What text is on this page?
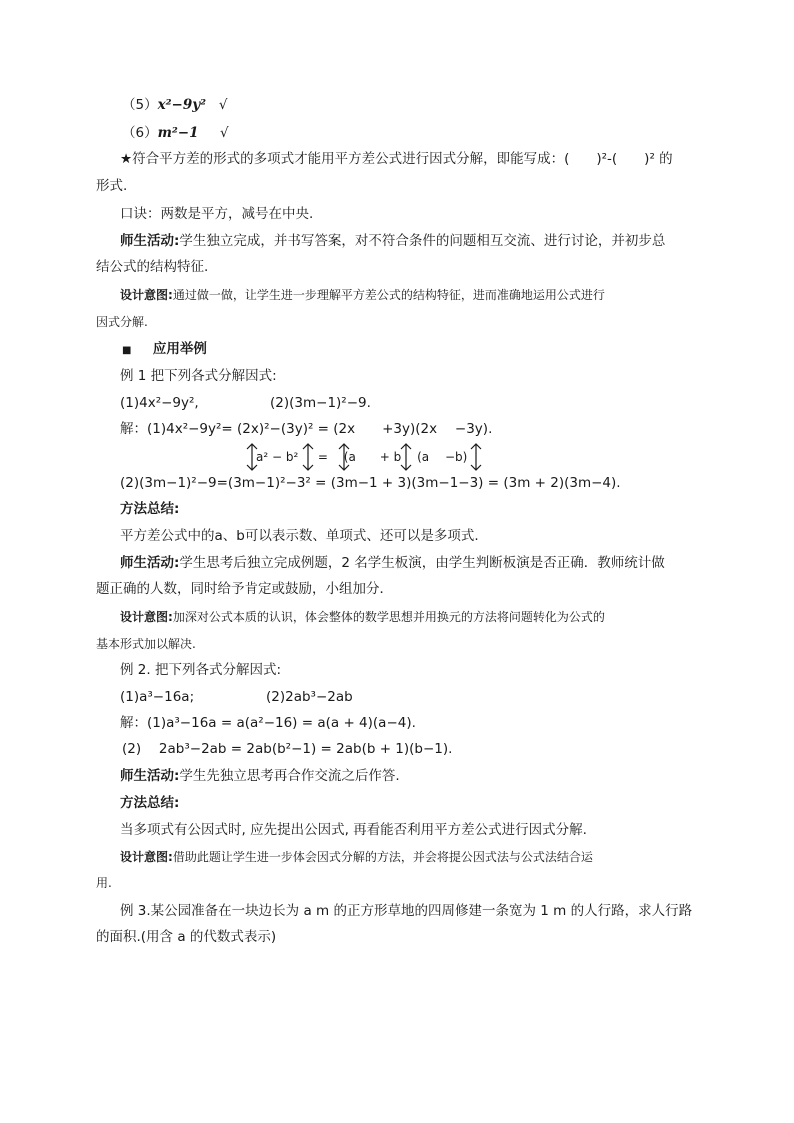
（5）x²−9y² √
（6）m²−1 √
★符合平方差的形式的多项式才能用平方差公式进行因式分解，即能写成：(　　)²-(　　)² 的
形式.
口诀：两数是平方，减号在中央.
师生活动:学生独立完成，并书写答案，对不符合条件的问题相互交流、进行讨论，并初步总
结公式的结构特征.
设计意图:通过做一做，让学生进一步理解平方差公式的结构特征，进而准确地运用公式进行
因式分解.
■ 应用举例
例 1 把下列各式分解因式:
(1)4x²−9y²,	(2)(3m−1)²−9.
解：(1)4x²−9y²= (2x)²−(3y)² = (2x　　+3y)(2x　 −3y).
a² − b² 　 =　 (a　　+ b 　(a　 −b)
(2)(3m−1)²−9=(3m−1)²−3² = (3m−1 + 3)(3m−1−3) = (3m + 2)(3m−4).
方法总结:
平方差公式中的a、b可以表示数、单项式、还可以是多项式.
师生活动:学生思考后独立完成例题，2 名学生板演，由学生判断板演是否正确．教师统计做
题正确的人数，同时给予肯定或鼓励，小组加分．
设计意图:加深对公式本质的认识，体会整体的数学思想并用换元的方法将问题转化为公式的
基本形式加以解决.
例 2. 把下列各式分解因式:
(1)a³−16a;	(2)2ab³−2ab
解：(1)a³−16a = a(a²−16) = a(a + 4)(a−4).
(2)　 2ab³−2ab = 2ab(b²−1) = 2ab(b + 1)(b−1).
师生活动:学生先独立思考再合作交流之后作答.
方法总结:
当多项式有公因式时, 应先提出公因式, 再看能否利用平方差公式进行因式分解.
设计意图:借助此题让学生进一步体会因式分解的方法，并会将提公因式法与公式法结合运
用.
例 3.某公园准备在一块边长为 a m 的正方形草地的四周修建一条宽为 1 m 的人行路，求人行路
的面积.(用含 a 的代数式表示)
